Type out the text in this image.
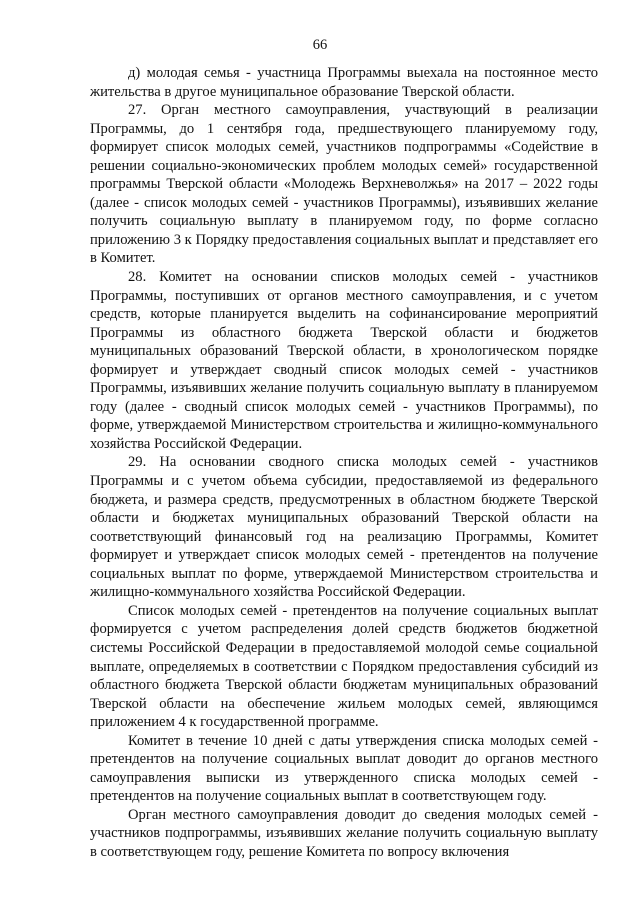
66

д) молодая семья - участница Программы выехала на постоянное место жительства в другое муниципальное образование Тверской области.

27. Орган местного самоуправления, участвующий в реализации Программы, до 1 сентября года, предшествующего планируемому году, формирует список молодых семей, участников подпрограммы «Содействие в решении социально-экономических проблем молодых семей» государственной программы Тверской области «Молодежь Верхневолжья» на 2017 – 2022 годы (далее - список молодых семей - участников Программы), изъявивших желание получить социальную выплату в планируемом году, по форме согласно приложению 3 к Порядку предоставления социальных выплат и представляет его в Комитет.

28. Комитет на основании списков молодых семей - участников Программы, поступивших от органов местного самоуправления, и с учетом средств, которые планируется выделить на софинансирование мероприятий Программы из областного бюджета Тверской области и бюджетов муниципальных образований Тверской области, в хронологическом порядке формирует и утверждает сводный список молодых семей - участников Программы, изъявивших желание получить социальную выплату в планируемом году (далее - сводный список молодых семей - участников Программы), по форме, утверждаемой Министерством строительства и жилищно-коммунального хозяйства Российской Федерации.

29. На основании сводного списка молодых семей - участников Программы и с учетом объема субсидии, предоставляемой из федерального бюджета, и размера средств, предусмотренных в областном бюджете Тверской области и бюджетах муниципальных образований Тверской области на соответствующий финансовый год на реализацию Программы, Комитет формирует и утверждает список молодых семей - претендентов на получение социальных выплат по форме, утверждаемой Министерством строительства и жилищно-коммунального хозяйства Российской Федерации.

Список молодых семей - претендентов на получение социальных выплат формируется с учетом распределения долей средств бюджетов бюджетной системы Российской Федерации в предоставляемой молодой семье социальной выплате, определяемых в соответствии с Порядком предоставления субсидий из областного бюджета Тверской области бюджетам муниципальных образований Тверской области на обеспечение жильем молодых семей, являющимся приложением 4 к государственной программе.

Комитет в течение 10 дней с даты утверждения списка молодых семей - претендентов на получение социальных выплат доводит до органов местного самоуправления выписки из утвержденного списка молодых семей - претендентов на получение социальных выплат в соответствующем году.

Орган местного самоуправления доводит до сведения молодых семей - участников подпрограммы, изъявивших желание получить социальную выплату в соответствующем году, решение Комитета по вопросу включения
